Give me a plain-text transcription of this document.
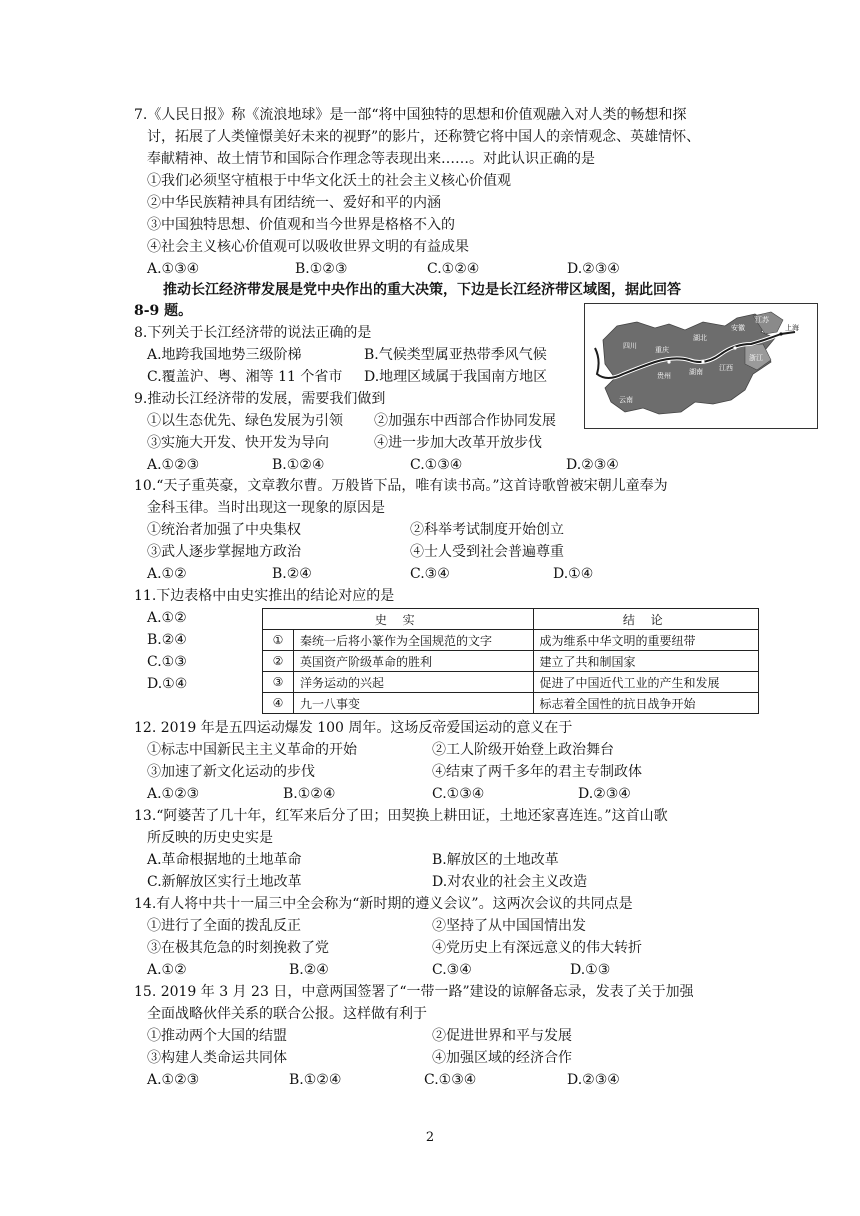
7.《人民日报》称《流浪地球》是一部“将中国独特的思想和价值观融入对人类的畅想和探
讨，拓展了人类憧憬美好未来的视野”的影片，还称赞它将中国人的亲情观念、英雄情怀、
奉献精神、故土情节和国际合作理念等表现出来……。对此认识正确的是
①我们必须坚守植根于中华文化沃土的社会主义核心价值观
②中华民族精神具有团结统一、爱好和平的内涵
③中国独特思想、价值观和当今世界是格格不入的
④社会主义核心价值观可以吸收世界文明的有益成果
A.①③④	B.①②③	C.①②④	D.②③④
推动长江经济带发展是党中央作出的重大决策，下边是长江经济带区域图，据此回答
8-9 题。
8.下列关于长江经济带的说法正确的是
A.地跨我国地势三级阶梯	B.气候类型属亚热带季风气候
C.覆盖沪、粤、湘等 11 个省市 D.地理区域属于我国南方地区
四川	重庆
湖北
安徽
江苏
上海
浙江
江西
湖南
贵州
云南
9.推动长江经济带的发展，需要我们做到
①以生态优先、绿色发展为引领 ②加强东中西部合作协同发展
③实施大开发、快开发为导向	④进一步加大改革开放步伐
A.①②③	B.①②④	C.①③④	D.②③④
10.“天子重英豪，文章教尔曹。万般皆下品，唯有读书高。”这首诗歌曾被宋朝儿童奉为
金科玉律。当时出现这一现象的原因是
①统治者加强了中央集权	②科举考试制度开始创立
③武人逐步掌握地方政治	④士人受到社会普遍尊重
A.①②	B.②④	C.③④	D.①④
11.下边表格中由史实推出的结论对应的是
A.①②
B.②④
C.①③
D.①④
史 实		结 论
①	秦统一后将小篆作为全国规范的文字	成为维系中华文明的重要纽带
②	英国资产阶级革命的胜利	建立了共和制国家
③	洋务运动的兴起	促进了中国近代工业的产生和发展
④	九一八事变	标志着全国性的抗日战争开始
12. 2019 年是五四运动爆发 100 周年。这场反帝爱国运动的意义在于
①标志中国新民主主义革命的开始	②工人阶级开始登上政治舞台
③加速了新文化运动的步伐	④结束了两千多年的君主专制政体
A.①②③	B.①②④	C.①③④	D.②③④
13.“阿婆苦了几十年，红军来后分了田；田契换上耕田证，土地还家喜连连。”这首山歌
所反映的历史史实是
A.革命根据地的土地革命	B.解放区的土地改革
C.新解放区实行土地改革	D.对农业的社会主义改造
14.有人将中共十一届三中全会称为“新时期的遵义会议”。这两次会议的共同点是
①进行了全面的拨乱反正	②坚持了从中国国情出发
③在极其危急的时刻挽救了党	④党历史上有深远意义的伟大转折
A.①②	B.②④	C.③④	D.①③
15. 2019 年 3 月 23 日，中意两国签署了“一带一路”建设的谅解备忘录，发表了关于加强
全面战略伙伴关系的联合公报。这样做有利于
①推动两个大国的结盟	②促进世界和平与发展
③构建人类命运共同体	④加强区域的经济合作
A.①②③	B.①②④	C.①③④	D.②③④
2
